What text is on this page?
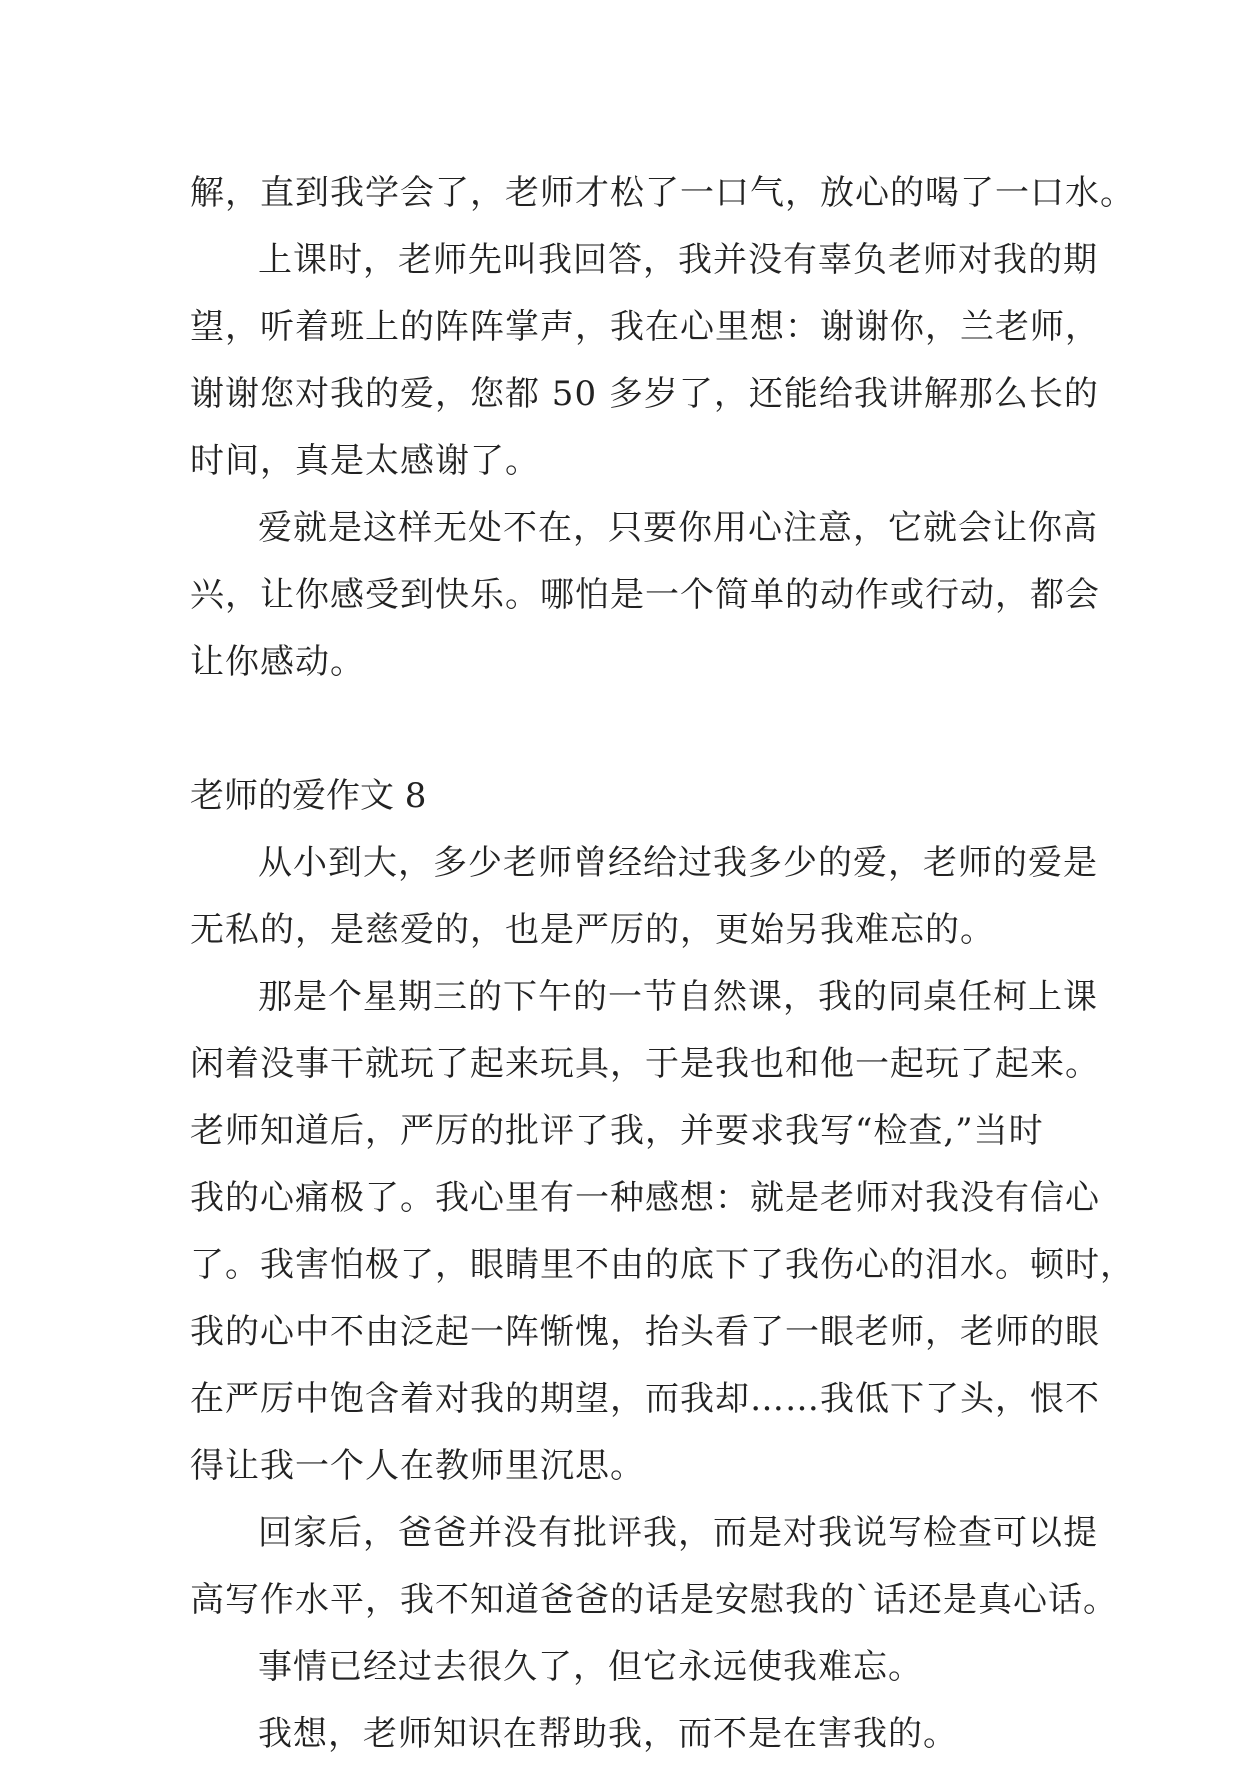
解，直到我学会了，老师才松了一口气，放心的喝了一口水。
上课时，老师先叫我回答，我并没有辜负老师对我的期
望，听着班上的阵阵掌声，我在心里想：谢谢你，兰老师，
谢谢您对我的爱，您都 50 多岁了，还能给我讲解那么长的
时间，真是太感谢了。
爱就是这样无处不在，只要你用心注意，它就会让你高
兴，让你感受到快乐。哪怕是一个简单的动作或行动，都会
让你感动。
老师的爱作文 8
从小到大，多少老师曾经给过我多少的爱，老师的爱是
无私的，是慈爱的，也是严厉的，更始另我难忘的。
那是个星期三的下午的一节自然课，我的同桌任柯上课
闲着没事干就玩了起来玩具，于是我也和他一起玩了起来。
老师知道后，严厉的批评了我，并要求我写“检查,”当时
我的心痛极了。我心里有一种感想：就是老师对我没有信心
了。我害怕极了，眼睛里不由的底下了我伤心的泪水。顿时，
我的心中不由泛起一阵惭愧，抬头看了一眼老师，老师的眼
在严厉中饱含着对我的期望，而我却……我低下了头，恨不
得让我一个人在教师里沉思。
回家后，爸爸并没有批评我，而是对我说写检查可以提
高写作水平，我不知道爸爸的话是安慰我的`话还是真心话。
事情已经过去很久了，但它永远使我难忘。
我想，老师知识在帮助我，而不是在害我的。
